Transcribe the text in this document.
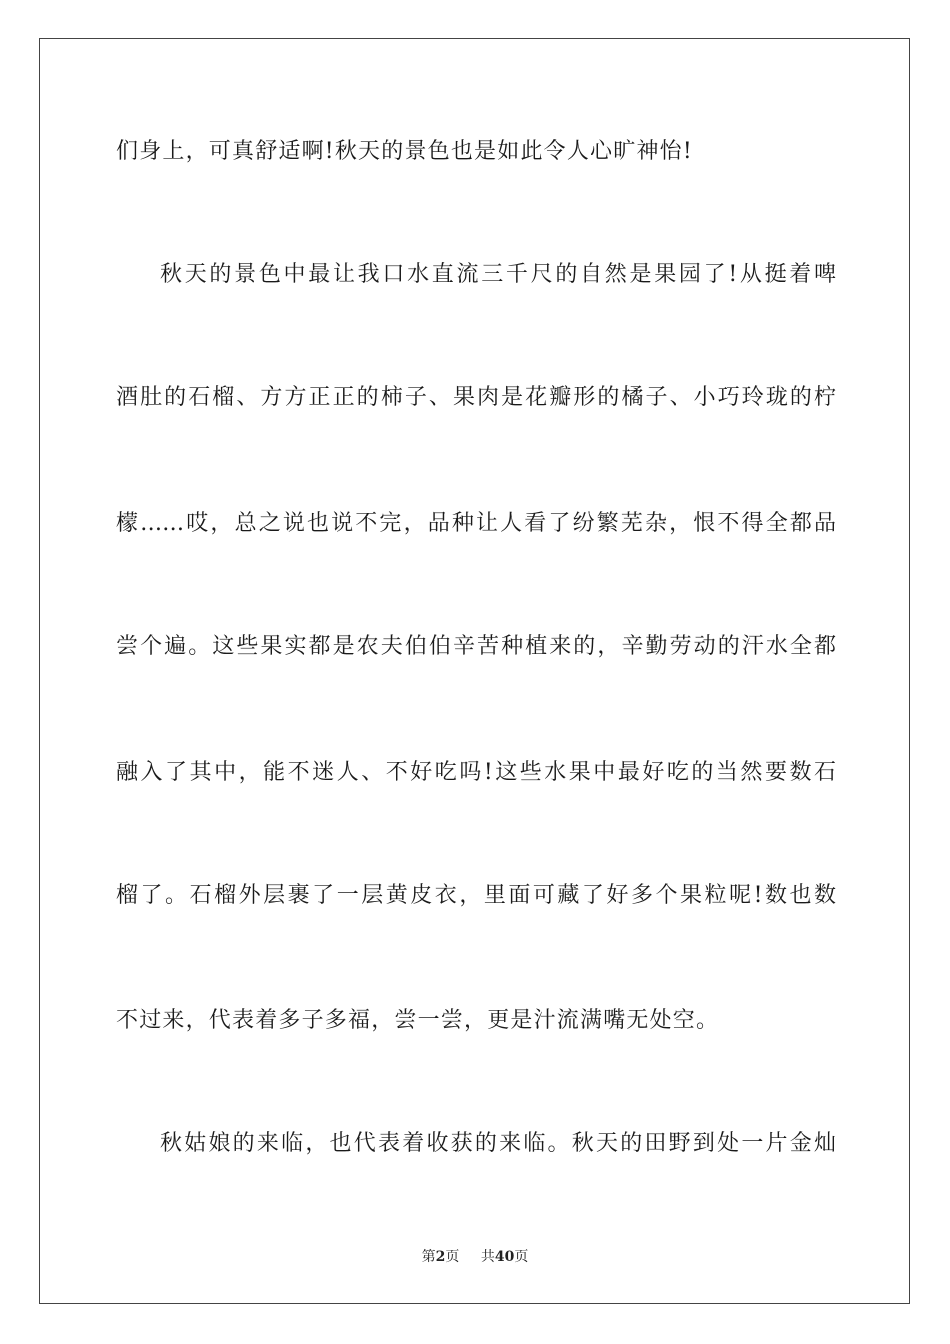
们身上，可真舒适啊!秋天的景色也是如此令人心旷神怡!
秋天的景色中最让我口水直流三千尺的自然是果园了!从挺着啤
酒肚的石榴、方方正正的柿子、果肉是花瓣形的橘子、小巧玲珑的柠
檬……哎，总之说也说不完，品种让人看了纷繁芜杂，恨不得全都品
尝个遍。这些果实都是农夫伯伯辛苦种植来的，辛勤劳动的汗水全都
融入了其中，能不迷人、不好吃吗!这些水果中最好吃的当然要数石
榴了。石榴外层裹了一层黄皮衣，里面可藏了好多个果粒呢!数也数
不过来，代表着多子多福，尝一尝，更是汁流满嘴无处空。
秋姑娘的来临，也代表着收获的来临。秋天的田野到处一片金灿
第2页 共40页
